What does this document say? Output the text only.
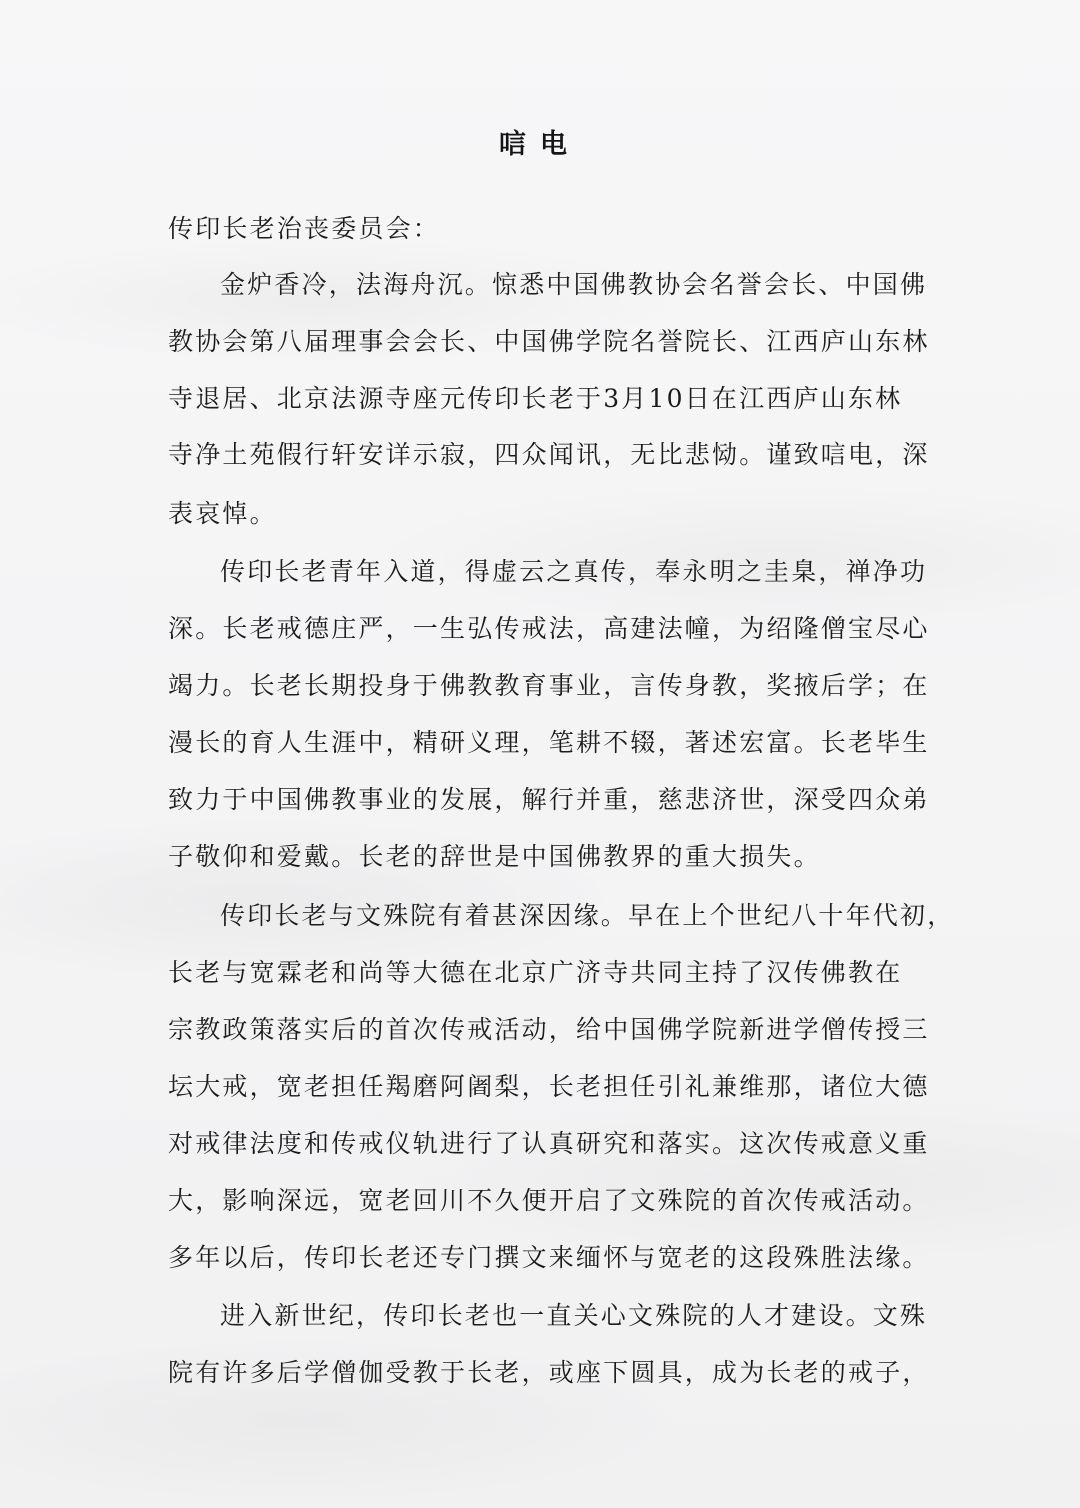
唁电
传印长老治丧委员会：
金炉香冷，法海舟沉。惊悉中国佛教协会名誉会长、中国佛
教协会第八届理事会会长、中国佛学院名誉院长、江西庐山东林
寺退居、北京法源寺座元传印长老于3月10日在江西庐山东林
寺净土苑假行轩安详示寂，四众闻讯，无比悲恸。谨致唁电，深
表哀悼。
传印长老青年入道，得虚云之真传，奉永明之圭臬，禅净功
深。长老戒德庄严，一生弘传戒法，高建法幢，为绍隆僧宝尽心
竭力。长老长期投身于佛教教育事业，言传身教，奖掖后学；在
漫长的育人生涯中，精研义理，笔耕不辍，著述宏富。长老毕生
致力于中国佛教事业的发展，解行并重，慈悲济世，深受四众弟
子敬仰和爱戴。长老的辞世是中国佛教界的重大损失。
传印长老与文殊院有着甚深因缘。早在上个世纪八十年代初，
长老与宽霖老和尚等大德在北京广济寺共同主持了汉传佛教在
宗教政策落实后的首次传戒活动，给中国佛学院新进学僧传授三
坛大戒，宽老担任羯磨阿阇梨，长老担任引礼兼维那，诸位大德
对戒律法度和传戒仪轨进行了认真研究和落实。这次传戒意义重
大，影响深远，宽老回川不久便开启了文殊院的首次传戒活动。
多年以后，传印长老还专门撰文来缅怀与宽老的这段殊胜法缘。
进入新世纪，传印长老也一直关心文殊院的人才建设。文殊
院有许多后学僧伽受教于长老，或座下圆具，成为长老的戒子，
